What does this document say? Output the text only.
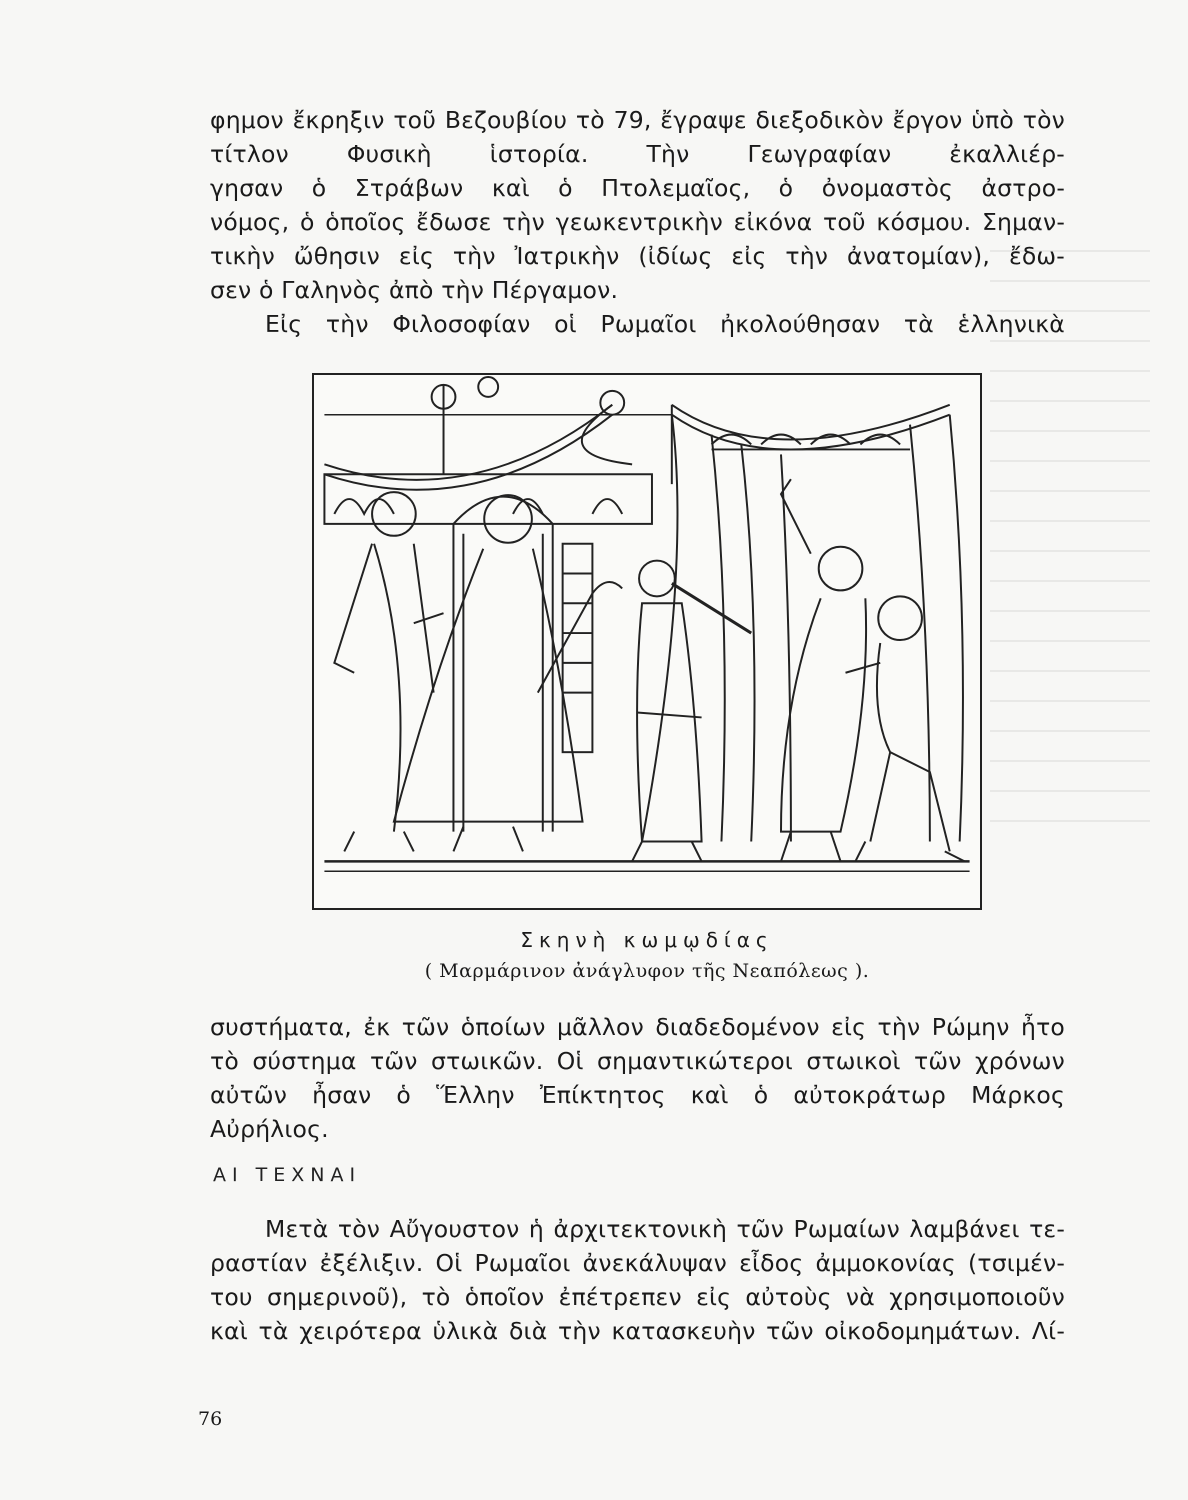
φημον ἔκρηξιν τοῦ Βεζουβίου τὸ 79, ἔγραψε διεξοδικὸν ἔργον ὑπὸ τὸν
τίτλον Φυσικὴ ἱστορία. Τὴν Γεωγραφίαν ἐκαλλιέρ-
γησαν ὁ Στράβων καὶ ὁ Πτολεμαῖος, ὁ ὀνομαστὸς ἀστρο-
νόμος, ὁ ὁποῖος ἔδωσε τὴν γεωκεντρικὴν εἰκόνα τοῦ κόσμου. Σημαν-
τικὴν ὤθησιν εἰς τὴν Ἰατρικὴν (ἰδίως εἰς τὴν ἀνατομίαν), ἔδω-
σεν ὁ Γαληνὸς ἀπὸ τὴν Πέργαμον.
Εἰς τὴν Φιλοσοφίαν οἱ Ρωμαῖοι ἠκολούθησαν τὰ ἑλληνικὰ
Σκηνὴ κωμῳδίας
( Μαρμάρινον ἀνάγλυφον τῆς Νεαπόλεως ).
συστήματα, ἐκ τῶν ὁποίων μᾶλλον διαδεδομένον εἰς τὴν Ρώμην ἦτο
τὸ σύστημα τῶν στωικῶν. Οἱ σημαντικώτεροι στωικοὶ τῶν χρόνων
αὐτῶν ἦσαν ὁ Ἕλλην Ἐπίκτητος καὶ ὁ αὐτοκράτωρ Μάρκος
Αὐρήλιος.
ΑΙ ΤΕΧΝΑΙ
Μετὰ τὸν Αὔγουστον ἡ ἀρχιτεκτονικὴ τῶν Ρωμαίων λαμβάνει τε-
ραστίαν ἐξέλιξιν. Οἱ Ρωμαῖοι ἀνεκάλυψαν εἶδος ἀμμοκονίας (τσιμέν-
του σημερινοῦ), τὸ ὁποῖον ἐπέτρεπεν εἰς αὐτοὺς νὰ χρησιμοποιοῦν
καὶ τὰ χειρότερα ὑλικὰ διὰ τὴν κατασκευὴν τῶν οἰκοδομημάτων. Λί-
76
